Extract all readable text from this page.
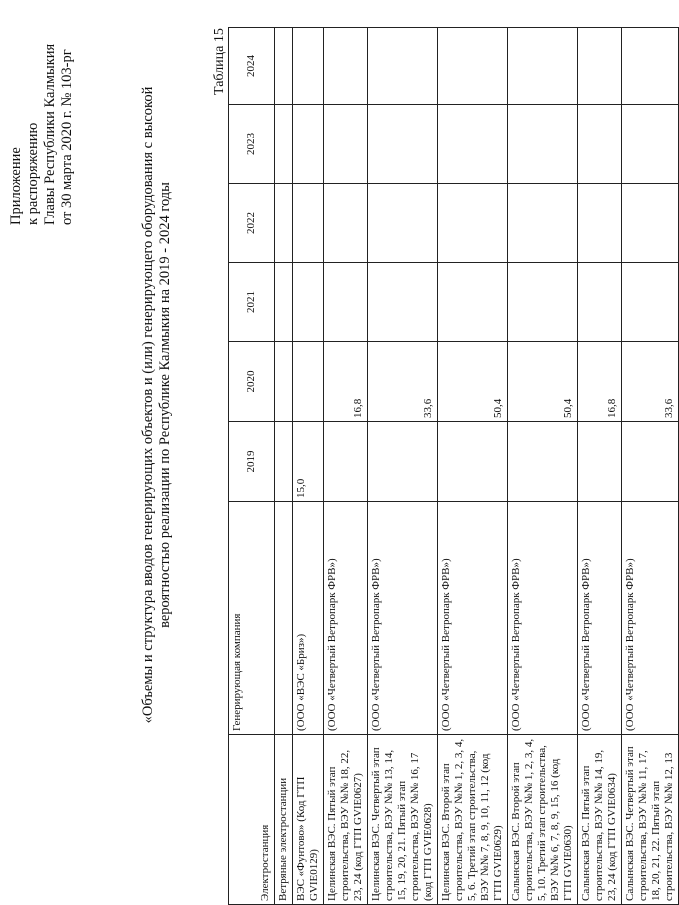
Приложение к распоряжению Главы Республики Калмыкия от 30 марта 2020 г. № 103-рг	«Объемы и структура вводов генерирующих объектов и (или) генерирующего оборудования с высокой вероятностью реализации по Республике Калмыкия на 2019 - 2024 годы
Таблица 15
Электростанция	Генерирующая компания	2019	2020	2021	2022	2023	2024
Ветряные электростанции							
ВЭС «Фунтово» (Код ГТП GVIE0129)	(ООО «ВЭС «Бриз»)	15,0					
Целинская ВЭС. Пятый этап строительства, ВЭУ №№ 18, 22, 23, 24 (код ГТП GVIE0627)	(ООО «Четвертый Ветропарк ФРВ»)		16,8				
Целинская ВЭС. Четвертый этап строительства, ВЭУ №№ 13, 14, 15, 19, 20, 21. Пятый этап строительства, ВЭУ №№ 16, 17 (код ГТП GVIE0628)	(ООО «Четвертый Ветропарк ФРВ»)		33,6				
Целинская ВЭС. Второй этап строительства, ВЭУ №№ 1, 2, 3, 4, 5, 6. Третий этап строительства, ВЭУ №№ 7, 8, 9, 10, 11, 12 (код ГТП GVIE0629)	(ООО «Четвертый Ветропарк ФРВ»)		50,4				
Салынская ВЭС. Второй этап строительства, ВЭУ №№ 1, 2, 3, 4, 5, 10. Третий этап строительства, ВЭУ №№ 6, 7, 8, 9, 15, 16 (код ГТП GVIE0630)	(ООО «Четвертый Ветропарк ФРВ»)		50,4				
Салынская ВЭС. Пятый этап строительства, ВЭУ №№ 14, 19, 23, 24 (код ГТП GVIE0634)	(ООО «Четвертый Ветропарк ФРВ»)		16,8				
Салынская ВЭС. Четвертый этап строительства, ВЭУ №№ 11, 17, 18, 20, 21, 22. Пятый этап строительства, ВЭУ №№ 12, 13	(ООО «Четвертый Ветропарк ФРВ»)		33,6				
